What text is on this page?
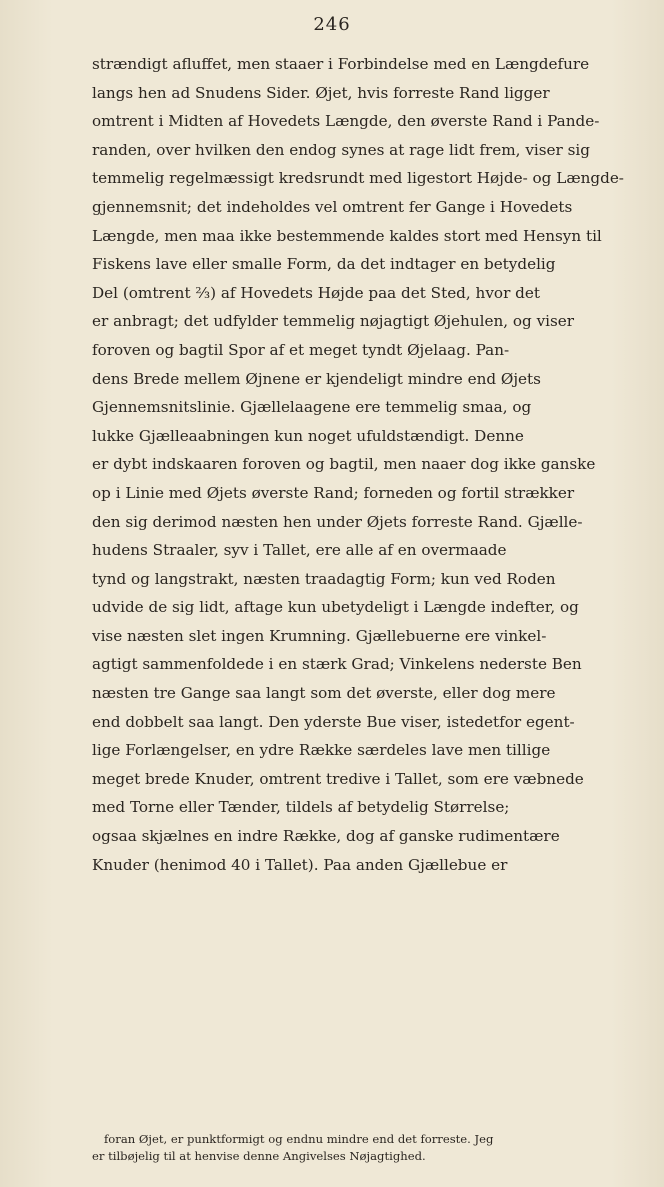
246
strændigt afluffet, men staaer i Forbindelse med en Længdefure
langs hen ad Snudens Sider. Øjet, hvis forreste Rand ligger
omtrent i Midten af Hovedets Længde, den øverste Rand i Pande-
randen, over hvilken den endog synes at rage lidt frem, viser sig
temmelig regelmæssigt kredsrundt med ligestort Højde- og Længde-
gjennemsnit; det indeholdes vel omtrent fer Gange i Hovedets
Længde, men maa ikke bestemmende kaldes stort med Hensyn til
Fiskens lave eller smalle Form, da det indtager en betydelig
Del (omtrent ⅔) af Hovedets Højde paa det Sted, hvor det
er anbragt; det udfylder temmelig nøjagtigt Øjehulen, og viser
foroven og bagtil Spor af et meget tyndt Øjelaag. Pan-
dens Brede mellem Øjnene er kjendeligt mindre end Øjets
Gjennemsnitslinie. Gjællelaagene ere temmelig smaa, og
lukke Gjælleaabningen kun noget ufuldstændigt. Denne
er dybt indskaaren foroven og bagtil, men naaer dog ikke ganske
op i Linie med Øjets øverste Rand; forneden og fortil strækker
den sig derimod næsten hen under Øjets forreste Rand. Gjælle-
hudens Straaler, syv i Tallet, ere alle af en overmaade
tynd og langstrakt, næsten traadagtig Form; kun ved Roden
udvide de sig lidt, aftage kun ubetydeligt i Længde indefter, og
vise næsten slet ingen Krumning. Gjællebuerne ere vinkel-
agtigt sammenfoldede i en stærk Grad; Vinkelens nederste Ben
næsten tre Gange saa langt som det øverste, eller dog mere
end dobbelt saa langt. Den yderste Bue viser, istedetfor egent-
lige Forlængelser, en ydre Række særdeles lave men tillige
meget brede Knuder, omtrent tredive i Tallet, som ere væbnede
med Torne eller Tænder, tildels af betydelig Størrelse;
ogsaa skjælnes en indre Række, dog af ganske rudimentære
Knuder (henimod 40 i Tallet). Paa anden Gjællebue er
foran Øjet, er punktformigt og endnu mindre end det forreste. Jeg
er tilbøjelig til at henvise denne Angivelses Nøjagtighed.
